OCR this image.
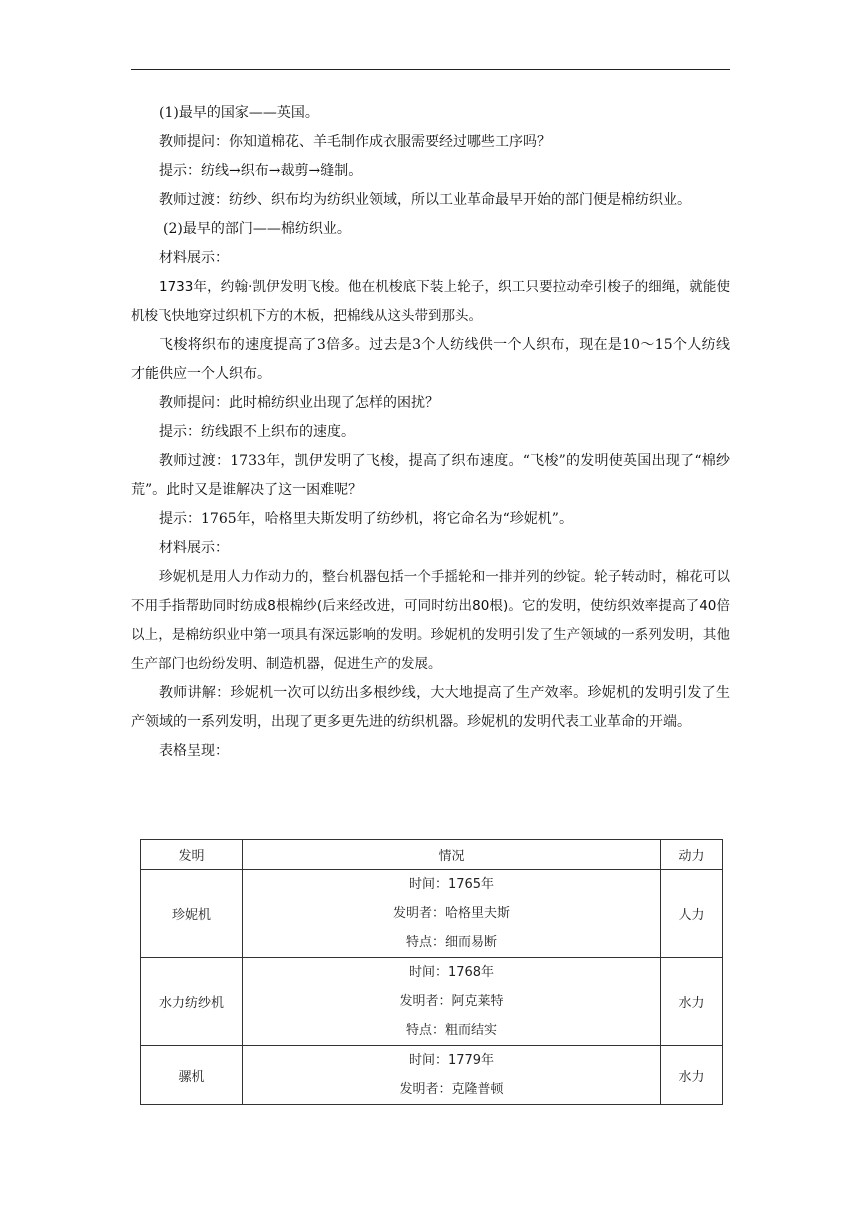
(1)最早的国家——英国。

教师提问：你知道棉花、羊毛制作成衣服需要经过哪些工序吗？

提示：纺线→织布→裁剪→缝制。

教师过渡：纺纱、织布均为纺织业领域，所以工业革命最早开始的部门便是棉纺织业。

(2)最早的部门——棉纺织业。

材料展示：

1733年，约翰·凯伊发明飞梭。他在机梭底下装上轮子，织工只要拉动牵引梭子的细绳，就能使机梭飞快地穿过织机下方的木板，把棉线从这头带到那头。

飞梭将织布的速度提高了3倍多。过去是3个人纺线供一个人织布，现在是10～15个人纺线才能供应一个人织布。

教师提问：此时棉纺织业出现了怎样的困扰？

提示：纺线跟不上织布的速度。

教师过渡：1733年，凯伊发明了飞梭，提高了织布速度。“飞梭”的发明使英国出现了“棉纱荒”。此时又是谁解决了这一困难呢？

提示：1765年，哈格里夫斯发明了纺纱机，将它命名为“珍妮机”。

材料展示：

珍妮机是用人力作动力的，整台机器包括一个手摇轮和一排并列的纱锭。轮子转动时，棉花可以不用手指帮助同时纺成8根棉纱(后来经改进，可同时纺出80根)。它的发明，使纺织效率提高了40倍以上，是棉纺织业中第一项具有深远影响的发明。珍妮机的发明引发了生产领域的一系列发明，其他生产部门也纷纷发明、制造机器，促进生产的发展。

教师讲解：珍妮机一次可以纺出多根纱线，大大地提高了生产效率。珍妮机的发明引发了生产领域的一系列发明，出现了更多更先进的纺织机器。珍妮机的发明代表工业革命的开端。

表格呈现：

发明	情况	动力
珍妮机	时间：1765年
发明者：哈格里夫斯
特点：细而易断	人力
水力纺纱机	时间：1768年
发明者：阿克莱特
特点：粗而结实	水力
骡机	时间：1779年
发明者：克隆普顿	水力
